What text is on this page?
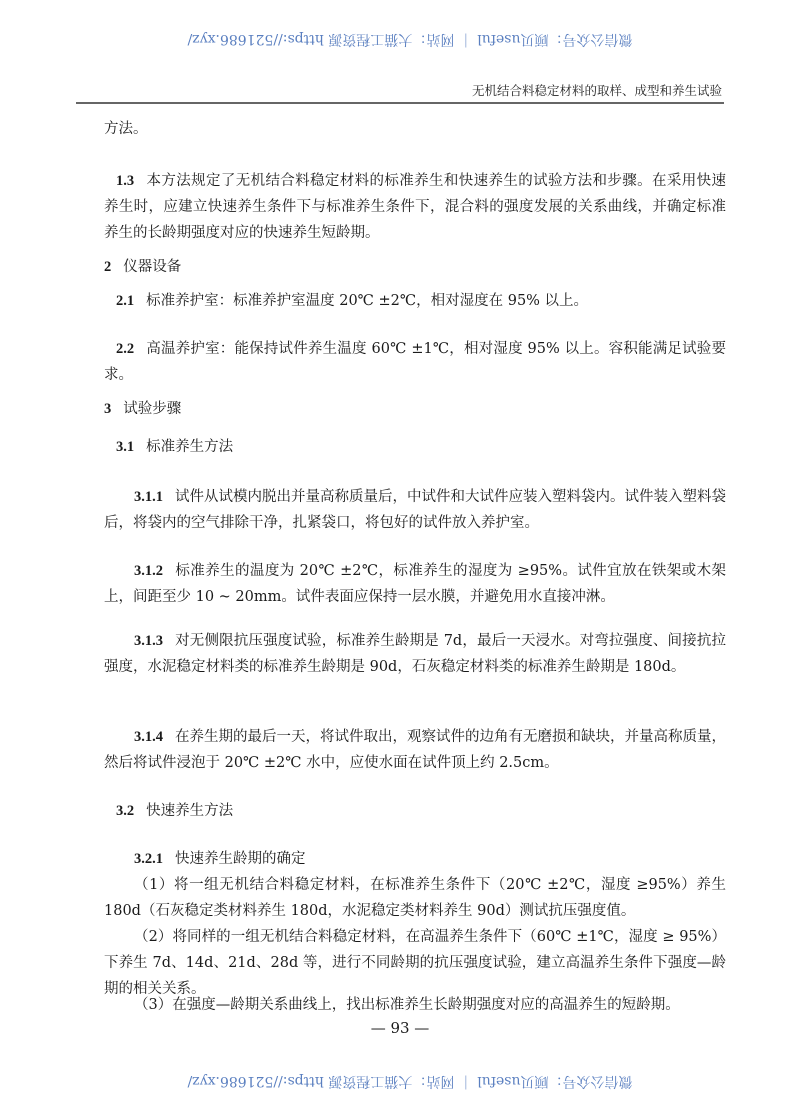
微信公众号：顾贝useful ｜ 网站：大猫工程资源 https://521686.xyz/
无机结合料稳定材料的取样、成型和养生试验
方法。
1.3 本方法规定了无机结合料稳定材料的标准养生和快速养生的试验方法和步骤。在采用快速养生时，应建立快速养生条件下与标准养生条件下，混合料的强度发展的关系曲线，并确定标准养生的长龄期强度对应的快速养生短龄期。
2 仪器设备
2.1 标准养护室：标准养护室温度 20℃ ±2℃，相对湿度在 95% 以上。
2.2 高温养护室：能保持试件养生温度 60℃ ±1℃，相对湿度 95% 以上。容积能满足试验要求。
3 试验步骤
3.1 标准养生方法
3.1.1 试件从试模内脱出并量高称质量后，中试件和大试件应装入塑料袋内。试件装入塑料袋后，将袋内的空气排除干净，扎紧袋口，将包好的试件放入养护室。
3.1.2 标准养生的温度为 20℃ ±2℃，标准养生的湿度为 ≥95%。试件宜放在铁架或木架上，间距至少 10 ~ 20mm。试件表面应保持一层水膜，并避免用水直接冲淋。
3.1.3 对无侧限抗压强度试验，标准养生龄期是 7d，最后一天浸水。对弯拉强度、间接抗拉强度，水泥稳定材料类的标准养生龄期是 90d，石灰稳定材料类的标准养生龄期是 180d。
3.1.4 在养生期的最后一天，将试件取出，观察试件的边角有无磨损和缺块，并量高称质量，然后将试件浸泡于 20℃ ±2℃ 水中，应使水面在试件顶上约 2.5cm。
3.2 快速养生方法
3.2.1 快速养生龄期的确定
（1）将一组无机结合料稳定材料，在标准养生条件下（20℃ ±2℃，湿度 ≥95%）养生 180d（石灰稳定类材料养生 180d，水泥稳定类材料养生 90d）测试抗压强度值。
（2）将同样的一组无机结合料稳定材料，在高温养生条件下（60℃ ±1℃，湿度 ≥ 95%）下养生 7d、14d、21d、28d 等，进行不同龄期的抗压强度试验，建立高温养生条件下强度—龄期的相关关系。
（3）在强度—龄期关系曲线上，找出标准养生长龄期强度对应的高温养生的短龄期。
— 93 —
微信公众号：顾贝useful ｜ 网站：大猫工程资源 https://521686.xyz/
